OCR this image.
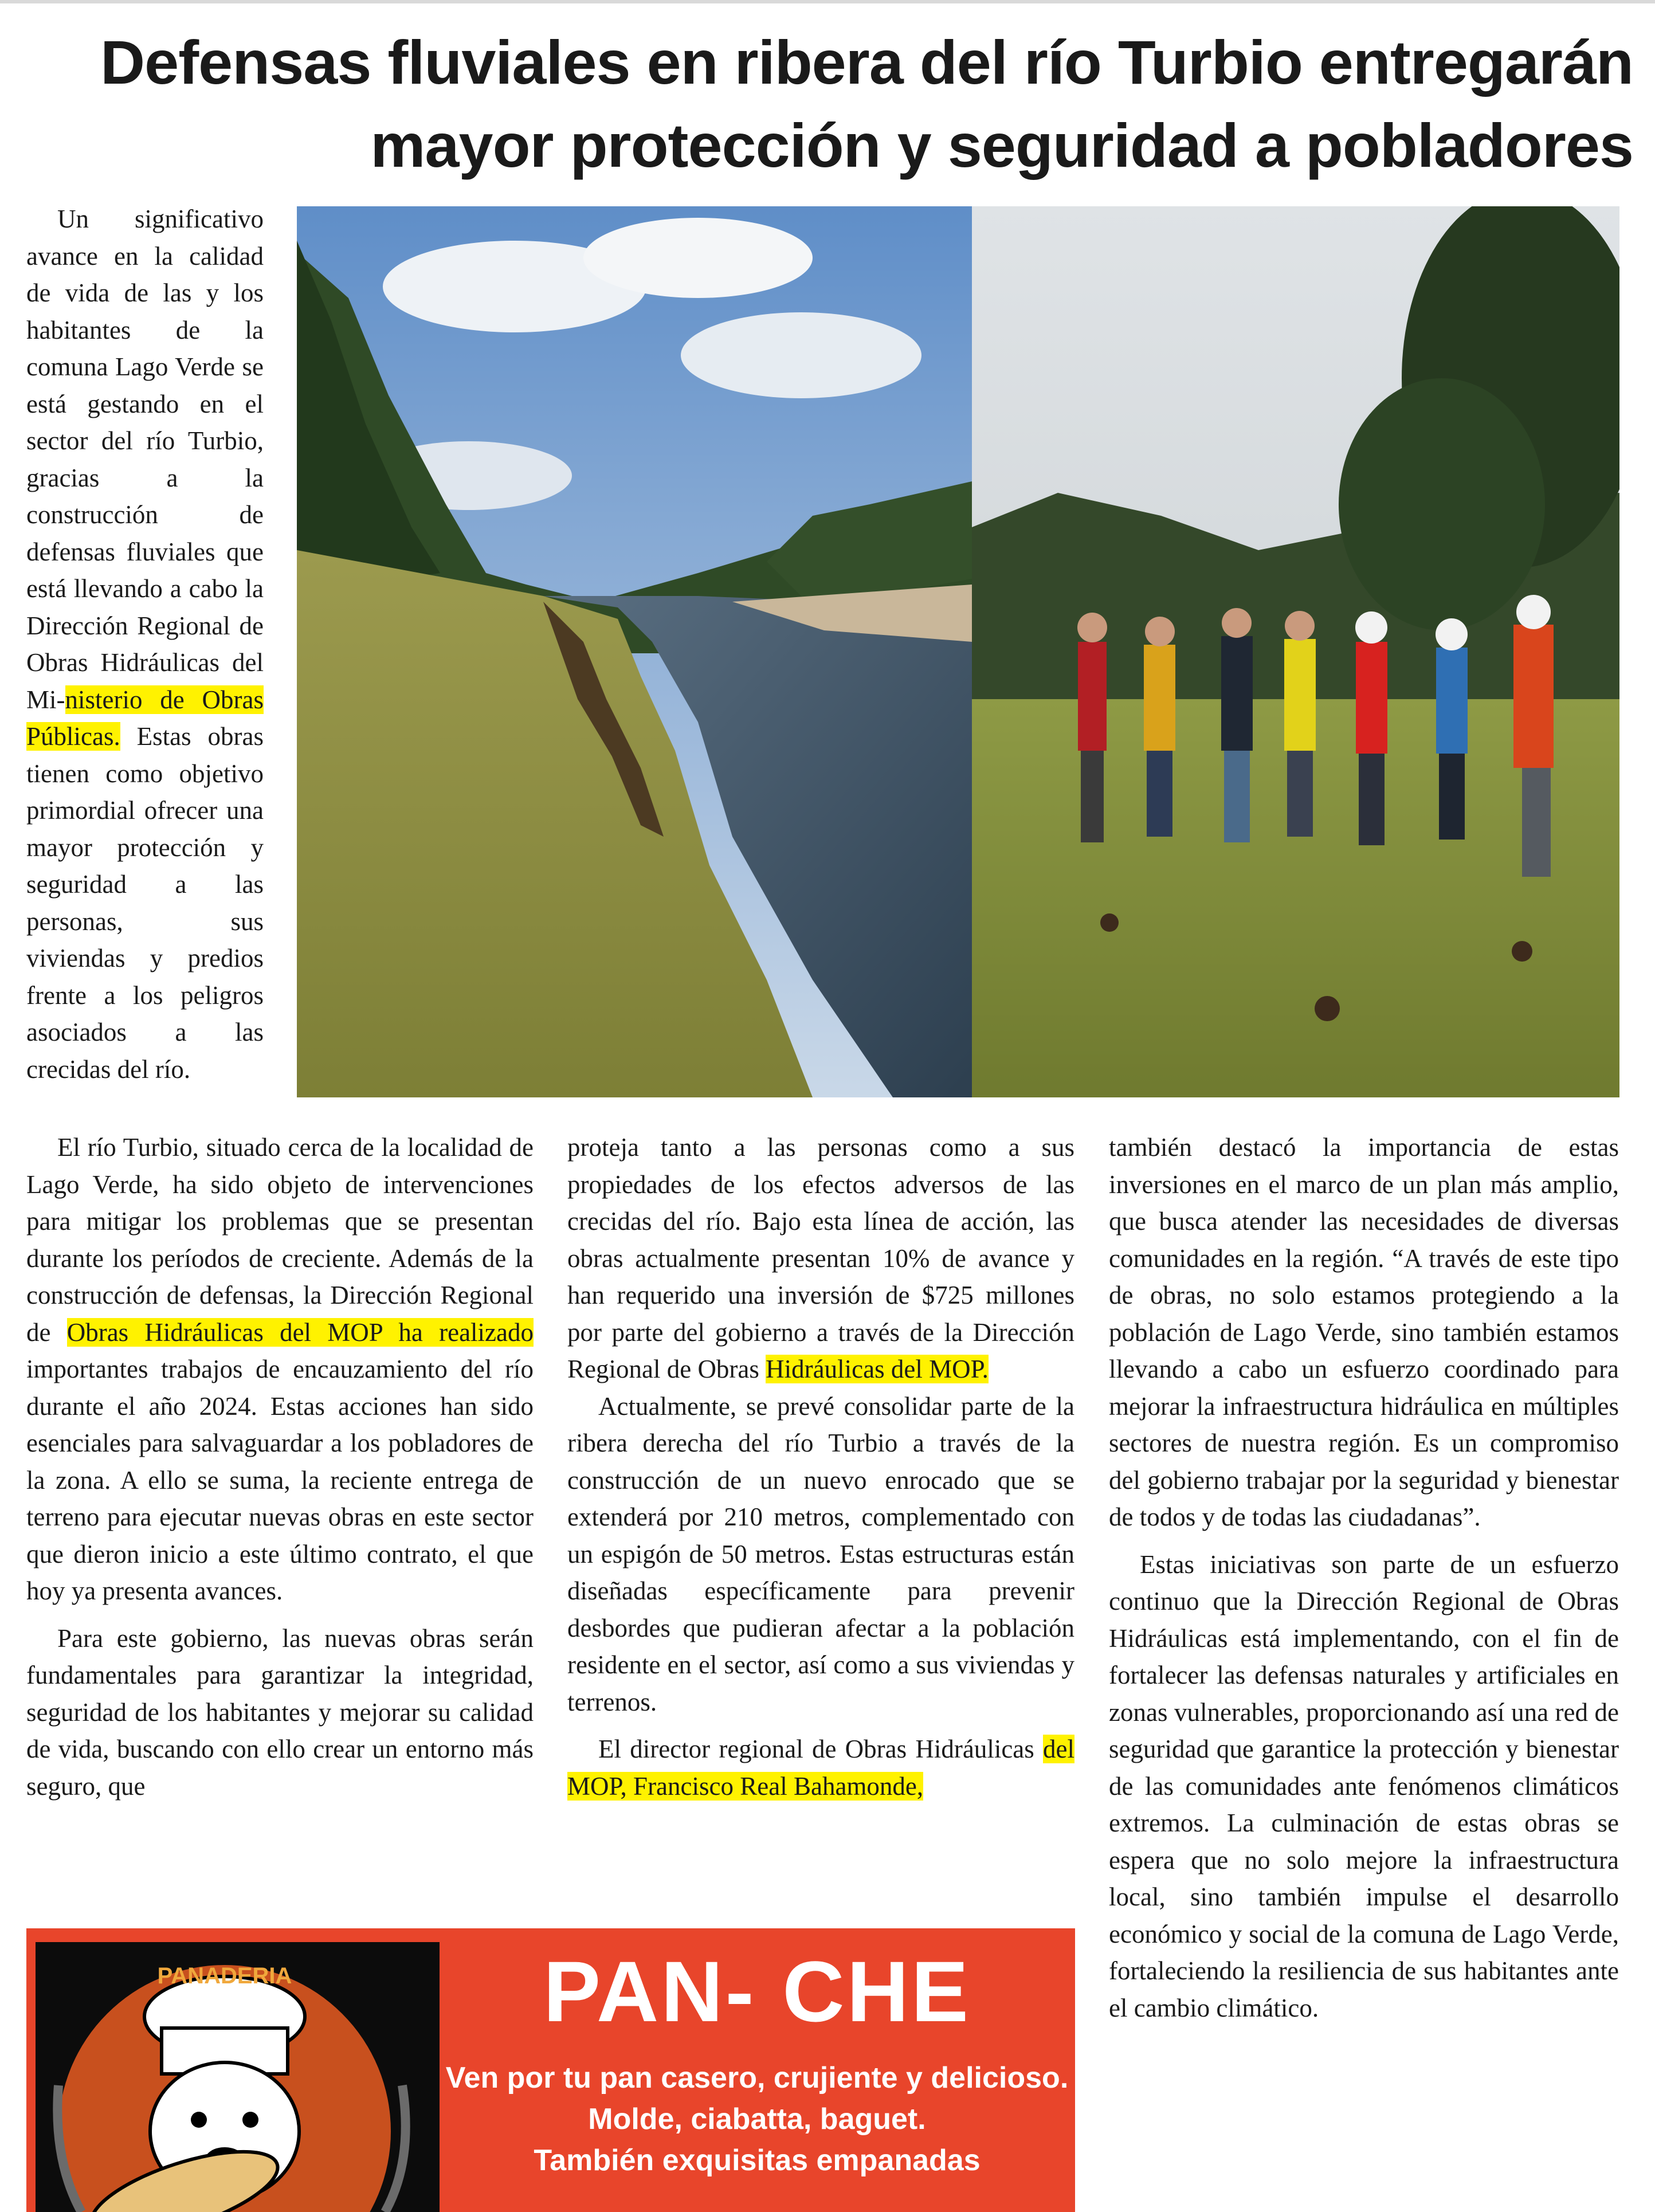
Defensas fluviales en ribera del río Turbio entregarán
mayor protección y seguridad a pobladores

Un significativo avance en la calidad de vida de las y los habitantes de la comuna Lago Verde se está gestando en el sector del río Turbio, gracias a la construcción de defensas fluviales que está llevando a cabo la Dirección Regional de Obras Hidráulicas del Mi-nisterio de Obras Públicas. Estas obras tienen como objetivo primordial ofrecer una mayor protección y seguridad a las personas, sus viviendas y predios frente a los peligros asociados a las crecidas del río.

El río Turbio, situado cerca de la localidad de Lago Verde, ha sido objeto de intervenciones para mitigar los problemas que se presentan durante los períodos de creciente. Además de la construcción de defensas, la Dirección Regional de Obras Hidráulicas del MOP ha realizado importantes trabajos de encauzamiento del río durante el año 2024. Estas acciones han sido esenciales para salvaguardar a los pobladores de la zona. A ello se suma, la reciente entrega de terreno para ejecutar nuevas obras en este sector que dieron inicio a este último contrato, el que hoy ya presenta avances.

Para este gobierno, las nuevas obras serán fundamentales para garantizar la integridad, seguridad de los habitantes y mejorar su calidad de vida, buscando con ello crear un entorno más seguro, que

proteja tanto a las personas como a sus propiedades de los efectos adversos de las crecidas del río. Bajo esta línea de acción, las obras actualmente presentan 10% de avance y han requerido una inversión de $725 millones por parte del gobierno a través de la Dirección Regional de Obras Hidráulicas del MOP.

Actualmente, se prevé consolidar parte de la ribera derecha del río Turbio a través de la construcción de un nuevo enrocado que se extenderá por 210 metros, complementado con un espigón de 50 metros. Estas estructuras están diseñadas específicamente para prevenir desbordes que pudieran afectar a la población residente en el sector, así como a sus viviendas y terrenos.

El director regional de Obras Hidráulicas del MOP, Francisco Real Bahamonde,

también destacó la importancia de estas inversiones en el marco de un plan más amplio, que busca atender las necesidades de diversas comunidades en la región. “A través de este tipo de obras, no solo estamos protegiendo a la población de Lago Verde, sino también estamos llevando a cabo un esfuerzo coordinado para mejorar la infraestructura hidráulica en múltiples sectores de nuestra región. Es un compromiso del gobierno trabajar por la seguridad y bienestar de todos y de todas las ciudadanas”.

Estas iniciativas son parte de un esfuerzo continuo que la Dirección Regional de Obras Hidráulicas está implementando, con el fin de fortalecer las defensas naturales y artificiales en zonas vulnerables, proporcionando así una red de seguridad que garantice la protección y bienestar de las comunidades ante fenómenos climáticos extremos. La culminación de estas obras se espera que no solo mejore la infraestructura local, sino también impulse el desarrollo económico y social de la comuna de Lago Verde, fortaleciendo la resiliencia de sus habitantes ante el cambio climático.

PANADERIA	PAN- CHE
Ven por tu pan casero, crujiente y delicioso.
Molde, ciabatta, baguet.
También exquisitas empanadas
